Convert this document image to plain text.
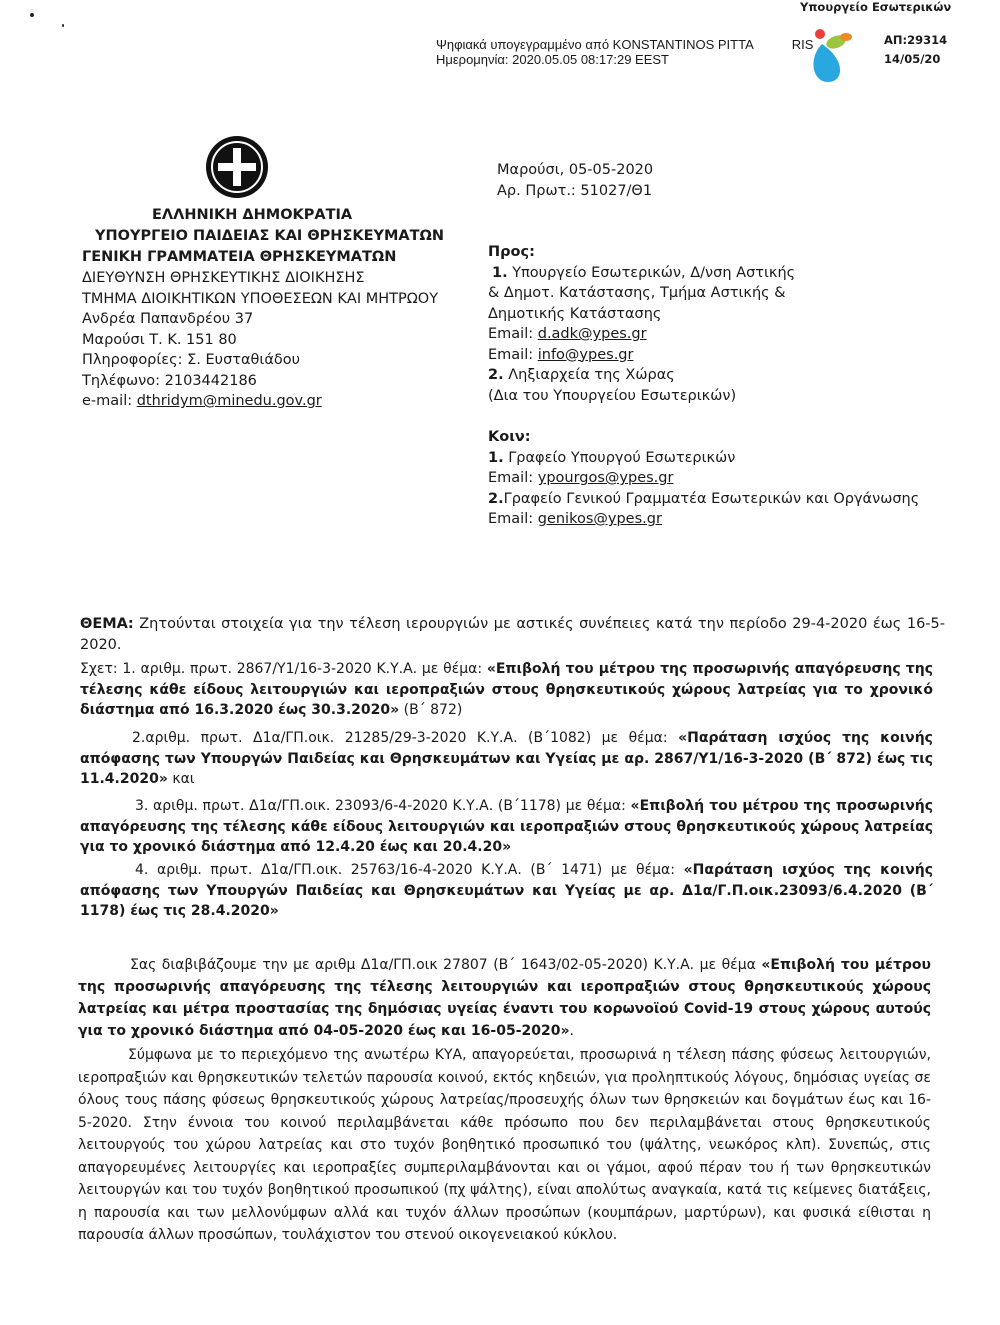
Υπουργείο Εσωτερικών
Ψηφιακά υπογεγραμμένο από KONSTANTINOS PITTA	RIS
Ημερομηνία: 2020.05.05 08:17:29 EEST
ΑΠ:29314
14/05/20
ΕΛΛΗΝΙΚΗ ΔΗΜΟΚΡΑΤΙΑ
ΥΠΟΥΡΓΕΙΟ ΠΑΙΔΕΙΑΣ ΚΑΙ ΘΡΗΣΚΕΥΜΑΤΩΝ
ΓΕΝΙΚΗ ΓΡΑΜΜΑΤΕΙΑ ΘΡΗΣΚΕΥΜΑΤΩΝ
ΔΙΕΥΘΥΝΣΗ ΘΡΗΣΚΕΥΤΙΚΗΣ ΔΙΟΙΚΗΣΗΣ
ΤΜΗΜΑ ΔΙΟΙΚΗΤΙΚΩΝ ΥΠΟΘΕΣΕΩΝ ΚΑΙ ΜΗΤΡΩΟΥ
Ανδρέα Παπανδρέου 37
Μαρούσι Τ. Κ. 151 80
Πληροφορίες: Σ. Ευσταθιάδου
Τηλέφωνο: 2103442186
e-mail: dthridym@minedu.gov.gr
Μαρούσι, 05-05-2020
Αρ. Πρωτ.: 51027/Θ1
Προς:
1. Υπουργείο Εσωτερικών, Δ/νση Αστικής
& Δημοτ. Κατάστασης, Τμήμα Αστικής &
Δημοτικής Κατάστασης
Email: d.adk@ypes.gr
Email: info@ypes.gr
2. Ληξιαρχεία της Χώρας
(Δια του Υπουργείου Εσωτερικών)
Κοιν:
1. Γραφείο Υπουργού Εσωτερικών
Email: ypourgos@ypes.gr
2.Γραφείο Γενικού Γραμματέα Εσωτερικών και Οργάνωσης
Email: genikos@ypes.gr

ΘΕΜΑ: Ζητούνται στοιχεία για την τέλεση ιερουργιών με αστικές συνέπειες κατά την περίοδο 29-4-2020 έως 16-5-2020.

Σχετ: 1. αριθμ. πρωτ. 2867/Υ1/16-3-2020 Κ.Υ.Α. με θέμα: «Επιβολή του μέτρου της προσωρινής απαγόρευσης της τέλεσης κάθε είδους λειτουργιών και ιεροπραξιών στους θρησκευτικούς χώρους λατρείας για το χρονικό διάστημα από 16.3.2020 έως 30.3.2020» (Β΄ 872)

2.αριθμ. πρωτ. Δ1α/ΓΠ.οικ. 21285/29-3-2020 Κ.Υ.Α. (Β΄1082) με θέμα: «Παράταση ισχύος της κοινής απόφασης των Υπουργών Παιδείας και Θρησκευμάτων και Υγείας με αρ. 2867/Υ1/16-3-2020 (Β΄ 872) έως τις 11.4.2020» και

3. αριθμ. πρωτ. Δ1α/ΓΠ.οικ. 23093/6-4-2020 Κ.Υ.Α. (Β΄1178) με θέμα: «Επιβολή του μέτρου της προσωρινής απαγόρευσης της τέλεσης κάθε είδους λειτουργιών και ιεροπραξιών στους θρησκευτικούς χώρους λατρείας για το χρονικό διάστημα από 12.4.20 έως και 20.4.20»

4. αριθμ. πρωτ. Δ1α/ΓΠ.οικ. 25763/16-4-2020 Κ.Υ.Α. (Β΄ 1471) με θέμα: «Παράταση ισχύος της κοινής απόφασης των Υπουργών Παιδείας και Θρησκευμάτων και Υγείας με αρ. Δ1α/Γ.Π.οικ.23093/6.4.2020 (Β΄ 1178) έως τις 28.4.2020»

Σας διαβιβάζουμε την με αριθμ Δ1α/ΓΠ.οικ 27807 (Β΄ 1643/02-05-2020) Κ.Υ.Α. με θέμα «Επιβολή του μέτρου της προσωρινής απαγόρευσης της τέλεσης λειτουργιών και ιεροπραξιών στους θρησκευτικούς χώρους λατρείας και μέτρα προστασίας της δημόσιας υγείας έναντι του κορωνοϊού Covid-19 στους χώρους αυτούς για το χρονικό διάστημα από 04-05-2020 έως και 16-05-2020».

Σύμφωνα με το περιεχόμενο της ανωτέρω ΚΥΑ, απαγορεύεται, προσωρινά η τέλεση πάσης φύσεως λειτουργιών, ιεροπραξιών και θρησκευτικών τελετών παρουσία κοινού, εκτός κηδειών, για προληπτικούς λόγους, δημόσιας υγείας σε όλους τους πάσης φύσεως θρησκευτικούς χώρους λατρείας/προσευχής όλων των θρησκειών και δογμάτων έως και 16-5-2020. Στην έννοια του κοινού περιλαμβάνεται κάθε πρόσωπο που δεν περιλαμβάνεται στους θρησκευτικούς λειτουργούς του χώρου λατρείας και στο τυχόν βοηθητικό προσωπικό του (ψάλτης, νεωκόρος κλπ). Συνεπώς, στις απαγορευμένες λειτουργίες και ιεροπραξίες συμπεριλαμβάνονται και οι γάμοι, αφού πέραν του ή των θρησκευτικών λειτουργών και του τυχόν βοηθητικού προσωπικού (πχ ψάλτης), είναι απολύτως αναγκαία, κατά τις κείμενες διατάξεις, η παρουσία και των μελλονύμφων αλλά και τυχόν άλλων προσώπων (κουμπάρων, μαρτύρων), και φυσικά είθισται η παρουσία άλλων προσώπων, τουλάχιστον του στενού οικογενειακού κύκλου.
